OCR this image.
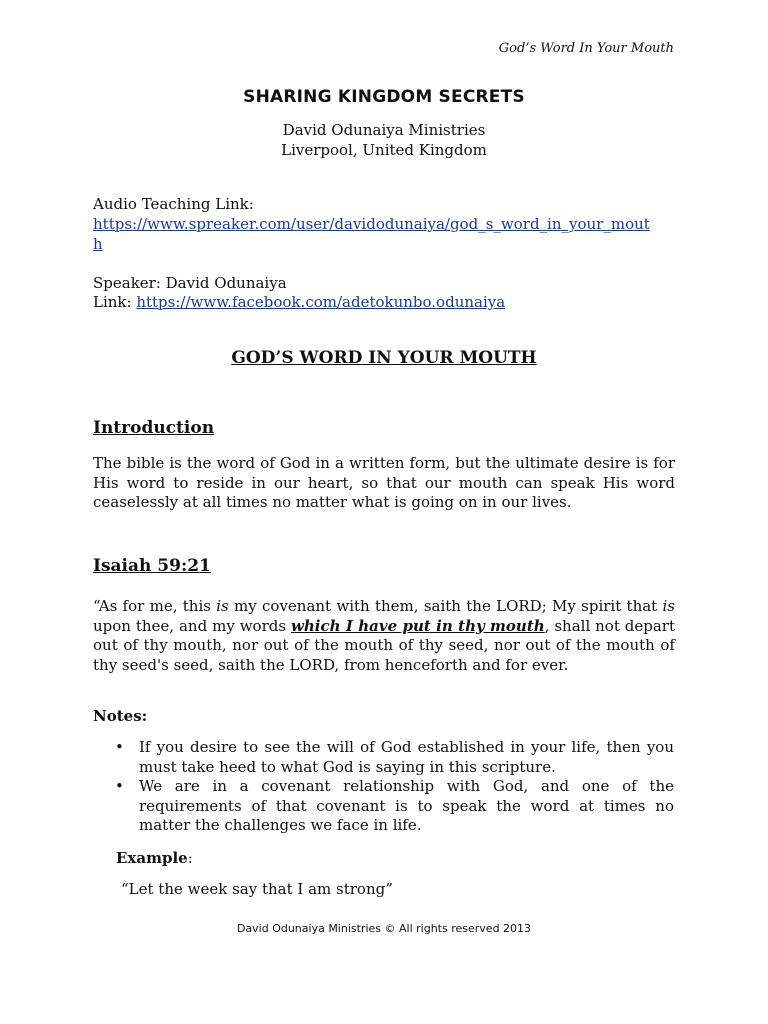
God’s Word In Your Mouth
SHARING KINGDOM SECRETS
David Odunaiya Ministries
Liverpool, United Kingdom
Audio Teaching Link:
https://www.spreaker.com/user/davidodunaiya/god_s_word_in_your_mout
h
Speaker: David Odunaiya
Link: https://www.facebook.com/adetokunbo.odunaiya
GOD’S WORD IN YOUR MOUTH
Introduction
The bible is the word of God in a written form, but the ultimate desire is for His word to reside in our heart, so that our mouth can speak His word ceaselessly at all times no matter what is going on in our lives.
Isaiah 59:21
“As for me, this is my covenant with them, saith the LORD; My spirit that is upon thee, and my words which I have put in thy mouth, shall not depart out of thy mouth, nor out of the mouth of thy seed, nor out of the mouth of thy seed's seed, saith the LORD, from henceforth and for ever.
Notes:
• If you desire to see the will of God established in your life, then you must take heed to what God is saying in this scripture.
• We are in a covenant relationship with God, and one of the requirements of that covenant is to speak the word at times no matter the challenges we face in life.
Example:
“Let the week say that I am strong”
David Odunaiya Ministries © All rights reserved 2013
